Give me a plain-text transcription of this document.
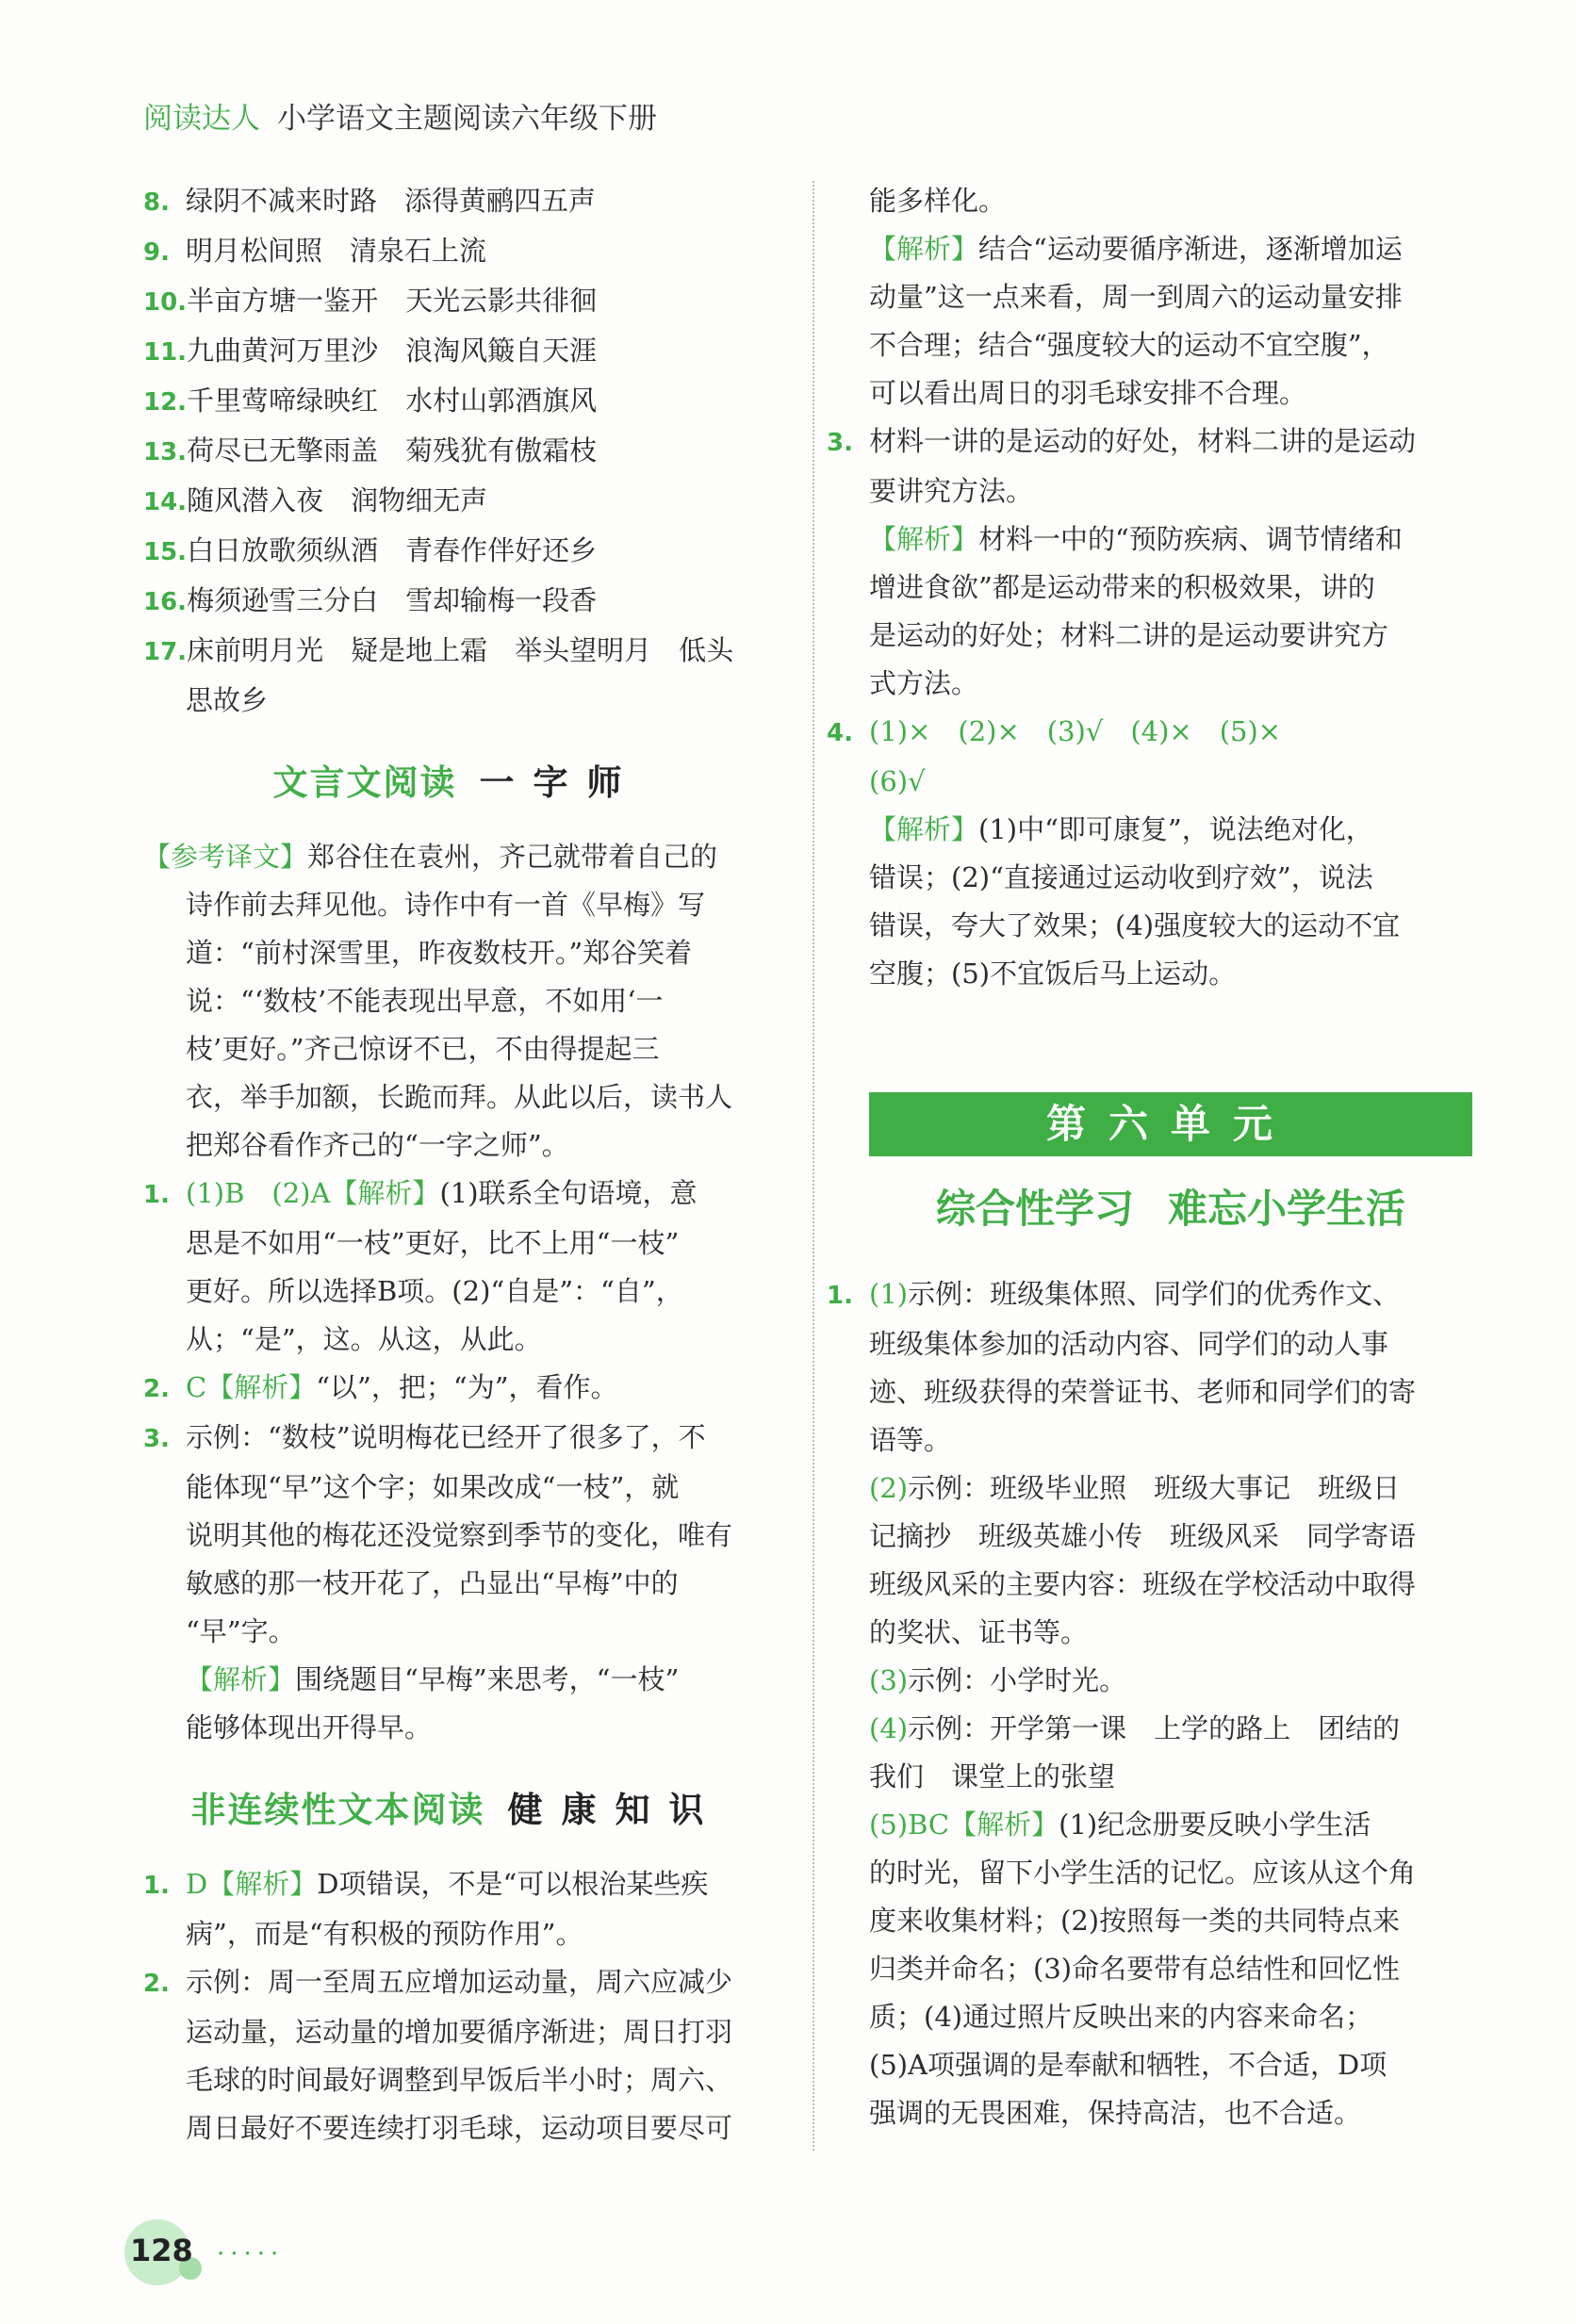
阅读达人 小学语文主题阅读六年级下册
8. 绿阴不减来时路　 添得黄鹂四五声
9. 明月松间照　 清泉石上流
10.半亩方塘一鉴开　 天光云影共徘徊
11.九曲黄河万里沙　 浪淘风簸自天涯
12.千里莺啼绿映红　 水村山郭酒旗风
13.荷尽已无擎雨盖　 菊残犹有傲霜枝
14.随风潜入夜　 润物细无声
15.白日放歌须纵酒　 青春作伴好还乡
16.梅须逊雪三分白　 雪却输梅一段香
17.床前明月光　 疑是地上霜　 举头望明月　低头
思故乡
文言文阅读 一字师
【参考译文】郑谷住在袁州，齐己就带着自己的
诗作前去拜见他。诗作中有一首《早梅》写
道：“前村深雪里，昨夜数枝开。”郑谷笑着
说：“‘数枝’不能表现出早意，不如用‘一
枝’更好。”齐己惊讶不已，不由得提起三
衣，举手加额，长跪而拜。从此以后，读书人
把郑谷看作齐己的“一字之师”。
1. (1)B　(2)A【解析】(1)联系全句语境，意
思是不如用“一枝”更好，比不上用“一枝”
更好。所以选择B项。(2)“自是”：“自”，
从；“是”，这。从这，从此。
2. C【解析】“以”，把；“为”，看作。
3. 示例：“数枝”说明梅花已经开了很多了，不
能体现“早”这个字；如果改成“一枝”，就
说明其他的梅花还没觉察到季节的变化，唯有
敏感的那一枝开花了，凸显出“早梅”中的
“早”字。
【解析】围绕题目“早梅”来思考，“一枝”
能够体现出开得早。
非连续性文本阅读 健康知识
1. D【解析】D项错误，不是“可以根治某些疾
病”，而是“有积极的预防作用”。
2. 示例：周一至周五应增加运动量，周六应减少
运动量，运动量的增加要循序渐进；周日打羽
毛球的时间最好调整到早饭后半小时；周六、
周日最好不要连续打羽毛球，运动项目要尽可
能多样化。
【解析】结合“运动要循序渐进，逐渐增加运
动量”这一点来看，周一到周六的运动量安排
不合理；结合“强度较大的运动不宜空腹”，
可以看出周日的羽毛球安排不合理。
3. 材料一讲的是运动的好处，材料二讲的是运动
要讲究方法。
【解析】材料一中的“预防疾病、调节情绪和
增进食欲”都是运动带来的积极效果，讲的
是运动的好处；材料二讲的是运动要讲究方
式方法。
4. (1)×　(2)×　(3)√　(4)×　(5)×
(6)√
【解析】(1)中“即可康复”，说法绝对化，
错误；(2)“直接通过运动收到疗效”，说法
错误，夸大了效果；(4)强度较大的运动不宜
空腹；(5)不宜饭后马上运动。
第六单元
综合性学习 难忘小学生活
1. (1)示例：班级集体照、同学们的优秀作文、
班级集体参加的活动内容、同学们的动人事
迹、班级获得的荣誉证书、老师和同学们的寄
语等。
(2)示例：班级毕业照　班级大事记　班级日
记摘抄　班级英雄小传　班级风采　同学寄语
班级风采的主要内容：班级在学校活动中取得
的奖状、证书等。
(3)示例：小学时光。
(4)示例：开学第一课　上学的路上　团结的
我们　课堂上的张望
(5)BC【解析】(1)纪念册要反映小学生活
的时光，留下小学生活的记忆。应该从这个角
度来收集材料；(2)按照每一类的共同特点来
归类并命名；(3)命名要带有总结性和回忆性
质；(4)通过照片反映出来的内容来命名；
(5)A项强调的是奉献和牺牲，不合适，D项
强调的无畏困难，保持高洁，也不合适。
128 ·····
